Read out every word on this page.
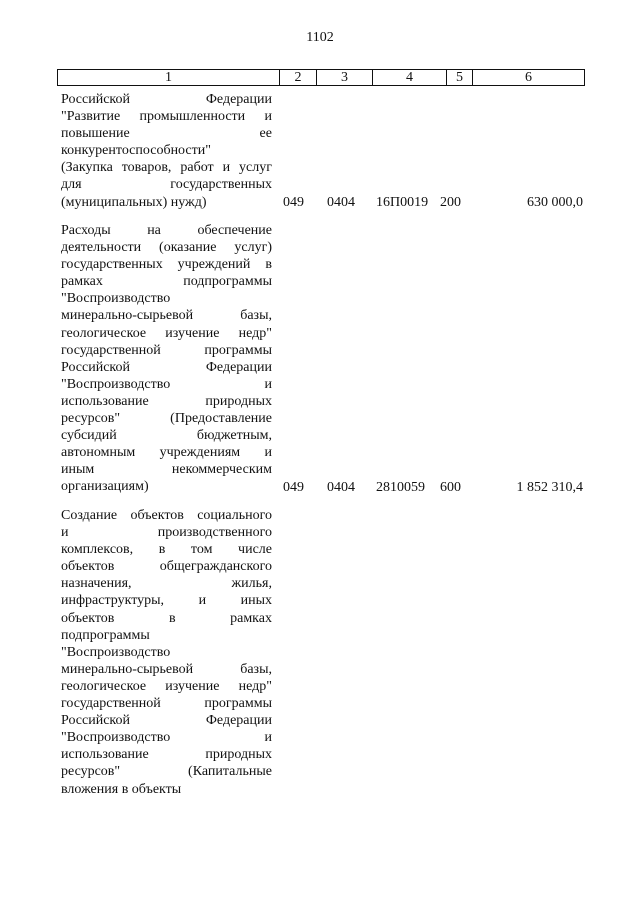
1102
1	2	3	4	5	6
Российской Федерации
"Развитие промышленности и
повышение ее
конкурентоспособности"
(Закупка товаров, работ и услуг
для государственных
(муниципальных) нужд)	049 0404 16П0019 200	630 000,0
Расходы на обеспечение
деятельности (оказание услуг)
государственных учреждений в
рамках подпрограммы
"Воспроизводство
минерально-сырьевой базы,
геологическое изучение недр"
государственной программы
Российской Федерации
"Воспроизводство и
использование природных
ресурсов" (Предоставление
субсидий бюджетным,
автономным учреждениям и
иным некоммерческим
организациям)	049 0404 2810059 600	1 852 310,4
Создание объектов социального
и производственного
комплексов, в том числе
объектов общегражданского
назначения, жилья,
инфраструктуры, и иных
объектов в рамках
подпрограммы
"Воспроизводство
минерально-сырьевой базы,
геологическое изучение недр"
государственной программы
Российской Федерации
"Воспроизводство и
использование природных
ресурсов" (Капитальные
вложения в объекты
